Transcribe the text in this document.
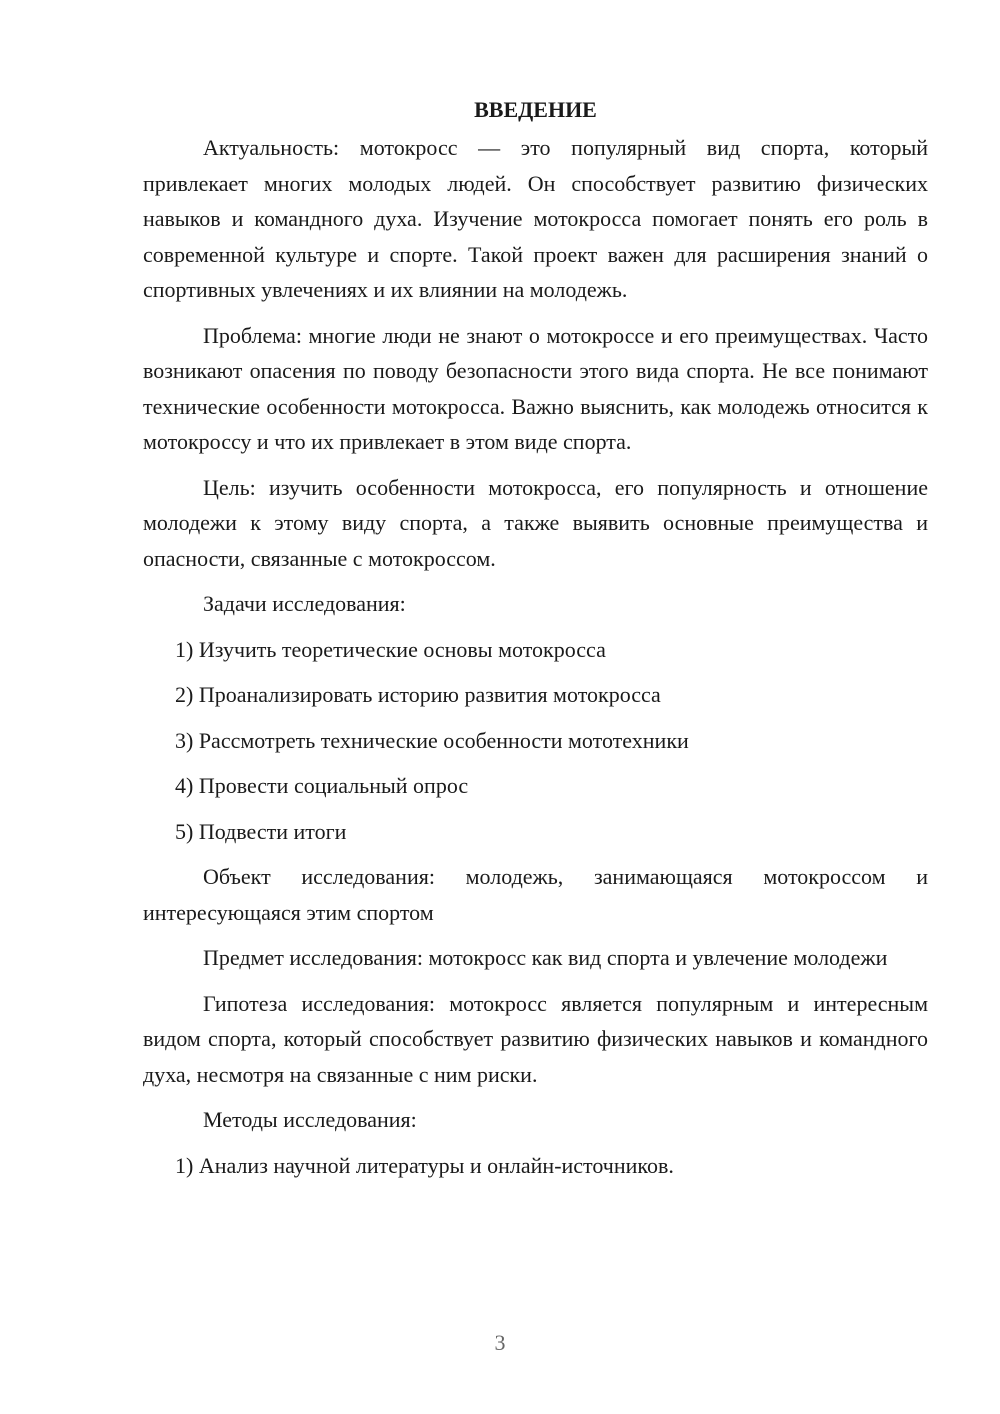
ВВЕДЕНИЕ

Актуальность: мотокросс — это популярный вид спорта, который привлекает многих молодых людей. Он способствует развитию физических навыков и командного духа. Изучение мотокросса помогает понять его роль в современной культуре и спорте. Такой проект важен для расширения знаний о спортивных увлечениях и их влиянии на молодежь.

Проблема: многие люди не знают о мотокроссе и его преимуществах. Часто возникают опасения по поводу безопасности этого вида спорта. Не все понимают технические особенности мотокросса. Важно выяснить, как молодежь относится к мотокроссу и что их привлекает в этом виде спорта.

Цель: изучить особенности мотокросса, его популярность и отношение молодежи к этому виду спорта, а также выявить основные преимущества и опасности, связанные с мотокроссом.

Задачи исследования:

1) Изучить теоретические основы мотокросса

2) Проанализировать историю развития мотокросса

3) Рассмотреть технические особенности мототехники

4) Провести социальный опрос

5) Подвести итоги

Объект исследования: молодежь, занимающаяся мотокроссом и интересующаяся этим спортом

Предмет исследования: мотокросс как вид спорта и увлечение молодежи

Гипотеза исследования: мотокросс является популярным и интересным видом спорта, который способствует развитию физических навыков и командного духа, несмотря на связанные с ним риски.

Методы исследования:

1) Анализ научной литературы и онлайн-источников.

3
